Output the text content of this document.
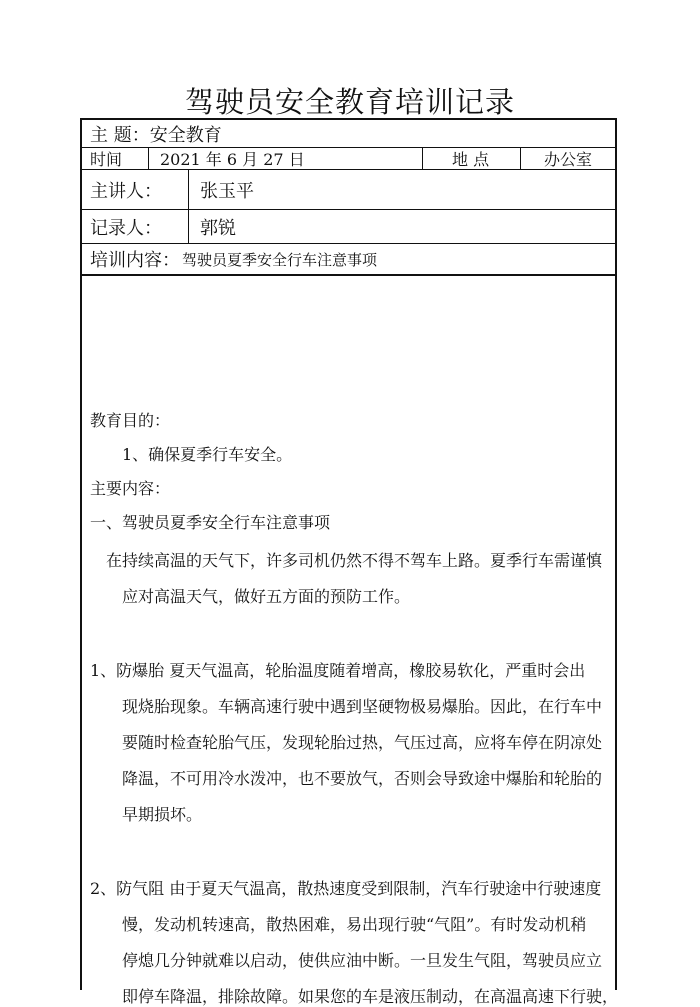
驾驶员安全教育培训记录
主 题：安全教育
时间 2021 年 6 月 27 日	地 点	办公室
主讲人： 张玉平
记录人： 郭锐
培训内容： 驾驶员夏季安全行车注意事项
教育目的：
1、确保夏季行车安全。
主要内容：
一、驾驶员夏季安全行车注意事项
在持续高温的天气下，许多司机仍然不得不驾车上路。夏季行车需谨慎
应对高温天气，做好五方面的预防工作。
1、防爆胎 夏天气温高，轮胎温度随着增高，橡胶易软化，严重时会出
现烧胎现象。车辆高速行驶中遇到坚硬物极易爆胎。因此，在行车中
要随时检查轮胎气压，发现轮胎过热，气压过高，应将车停在阴凉处
降温，不可用冷水泼冲，也不要放气，否则会导致途中爆胎和轮胎的
早期损坏。
2、防气阻 由于夏天气温高，散热速度受到限制，汽车行驶途中行驶速度
慢，发动机转速高，散热困难，易出现行驶“气阻”。有时发动机稍
停熄几分钟就难以启动，使供应油中断。一旦发生气阻，驾驶员应立
即停车降温，排除故障。如果您的车是液压制动，在高温高速下行驶，
